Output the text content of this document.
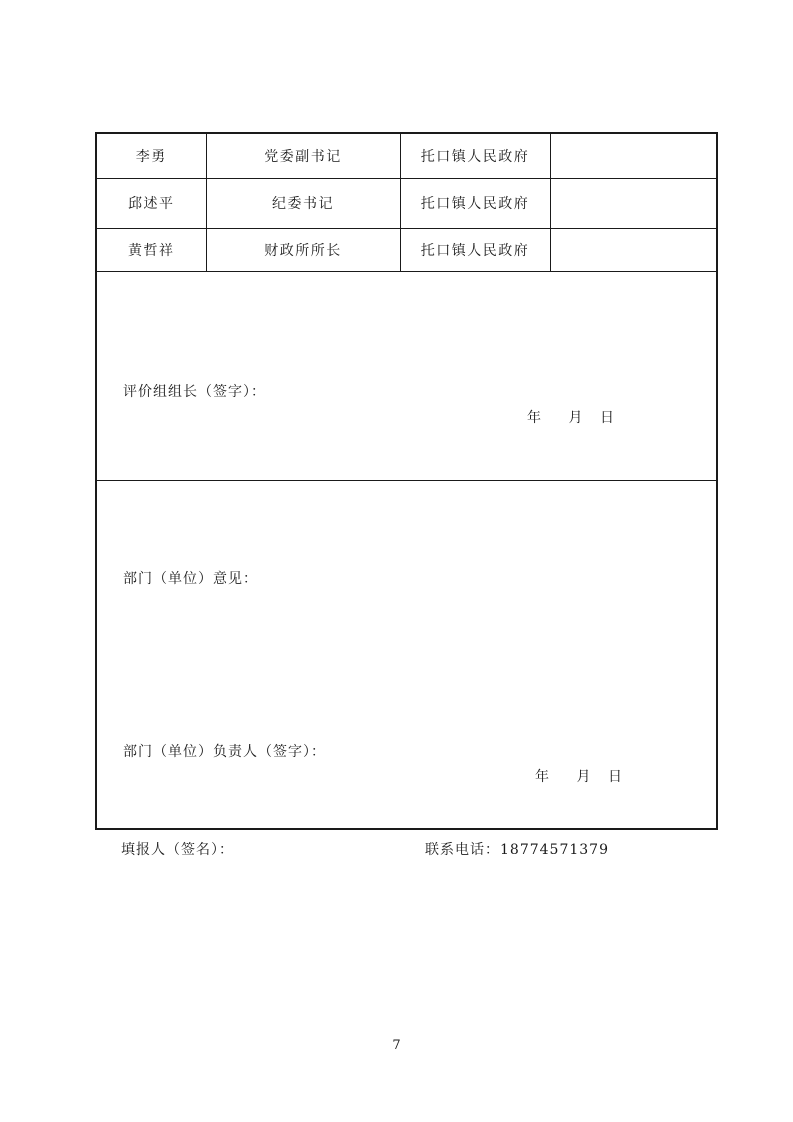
李勇	党委副书记	托口镇人民政府	
邱述平	纪委书记	托口镇人民政府	
黄哲祥	财政所所长	托口镇人民政府	

评价组组长（签字）：
年 月 日			

部门（单位）意见：
部门（单位）负责人（签字）：
年 月 日			
填报人（签名）：	联系电话：18774571379
7
